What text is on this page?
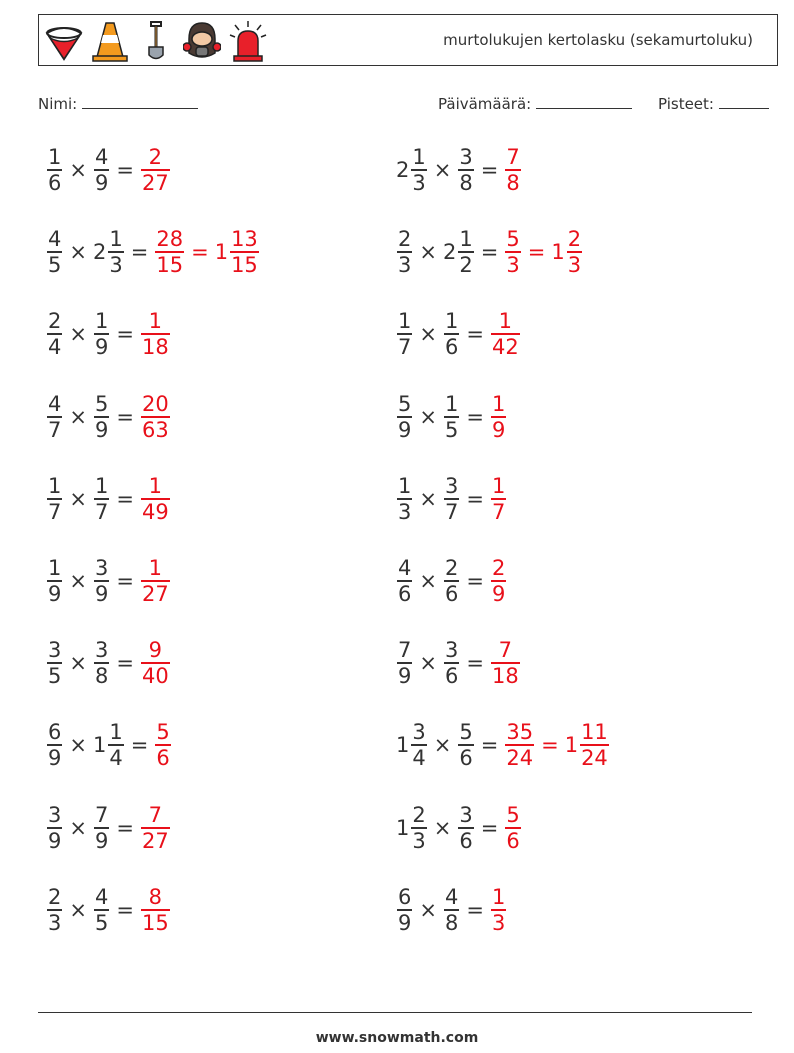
murtolukujen kertolasku (sekamurtoluku)
Nimi:	Päivämäärä:	Pisteet:
$\frac{1}{6} \times \frac{4}{9} = \frac{2}{27}$	$2 \frac{1}{3} \times \frac{3}{8} = \frac{7}{8}$
$\frac{4}{5} \times 2 \frac{1}{3} = \frac{28}{15} = 1 \frac{13}{15}$	$\frac{2}{3} \times 2 \frac{1}{2} = \frac{5}{3} = 1 \frac{2}{3}$
$\frac{2}{4} \times \frac{1}{9} = \frac{1}{18}$	$\frac{1}{7} \times \frac{1}{6} = \frac{1}{42}$
$\frac{4}{7} \times \frac{5}{9} = \frac{20}{63}$	$\frac{5}{9} \times \frac{1}{5} = \frac{1}{9}$
$\frac{1}{7} \times \frac{1}{7} = \frac{1}{49}$	$\frac{1}{3} \times \frac{3}{7} = \frac{1}{7}$
$\frac{1}{9} \times \frac{3}{9} = \frac{1}{27}$	$\frac{4}{6} \times \frac{2}{6} = \frac{2}{9}$
$\frac{3}{5} \times \frac{3}{8} = \frac{9}{40}$	$\frac{7}{9} \times \frac{3}{6} = \frac{7}{18}$
$\frac{6}{9} \times 1 \frac{1}{4} = \frac{5}{6}$	$1 \frac{3}{4} \times \frac{5}{6} = \frac{35}{24} = 1 \frac{11}{24}$
$\frac{3}{9} \times \frac{7}{9} = \frac{7}{27}$	$1 \frac{2}{3} \times \frac{3}{6} = \frac{5}{6}$
$\frac{2}{3} \times \frac{4}{5} = \frac{8}{15}$	$\frac{6}{9} \times \frac{4}{8} = \frac{1}{3}$
www.snowmath.com
